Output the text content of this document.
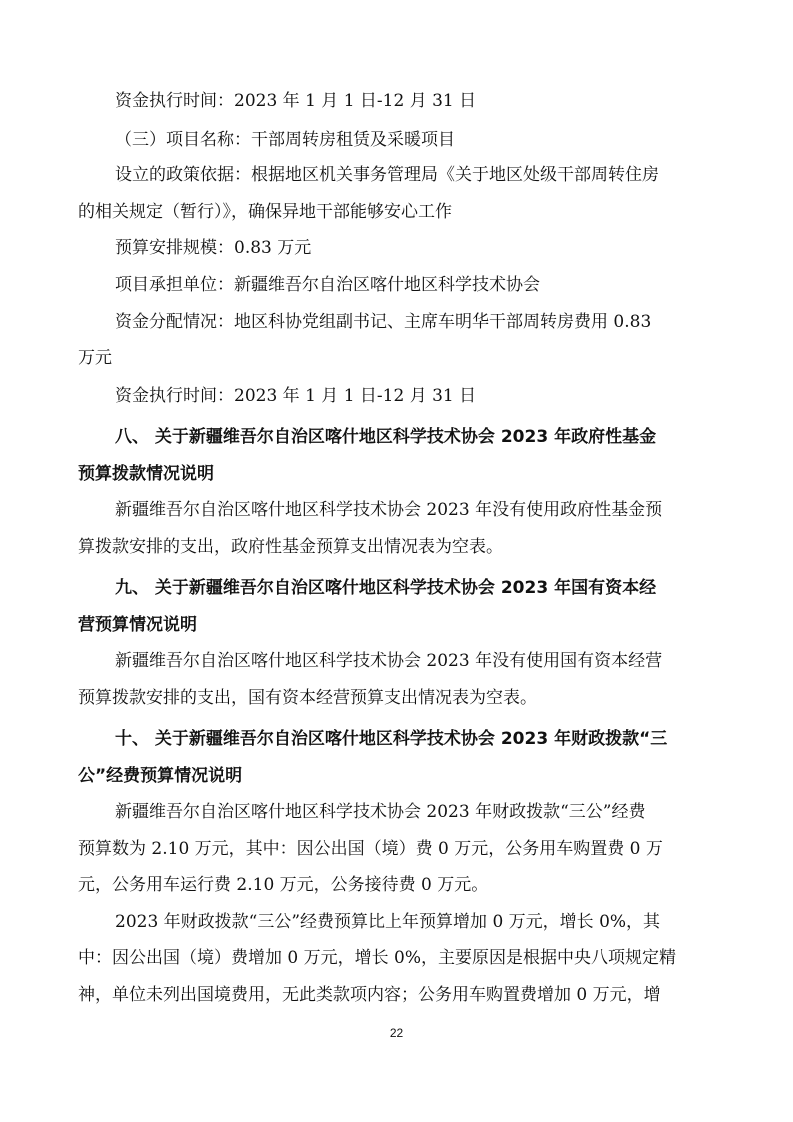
资金执行时间：2023 年 1 月 1 日-12 月 31 日
（三）项目名称：干部周转房租赁及采暖项目
设立的政策依据：根据地区机关事务管理局《关于地区处级干部周转住房
的相关规定（暂行）》，确保异地干部能够安心工作
预算安排规模：0.83 万元
项目承担单位：新疆维吾尔自治区喀什地区科学技术协会
资金分配情况：地区科协党组副书记、主席车明华干部周转房费用 0.83
万元
资金执行时间：2023 年 1 月 1 日-12 月 31 日
八、 关于新疆维吾尔自治区喀什地区科学技术协会 2023 年政府性基金
预算拨款情况说明
新疆维吾尔自治区喀什地区科学技术协会 2023 年没有使用政府性基金预
算拨款安排的支出，政府性基金预算支出情况表为空表。
九、 关于新疆维吾尔自治区喀什地区科学技术协会 2023 年国有资本经
营预算情况说明
新疆维吾尔自治区喀什地区科学技术协会 2023 年没有使用国有资本经营
预算拨款安排的支出，国有资本经营预算支出情况表为空表。
十、 关于新疆维吾尔自治区喀什地区科学技术协会 2023 年财政拨款“三
公”经费预算情况说明
新疆维吾尔自治区喀什地区科学技术协会 2023 年财政拨款“三公”经费
预算数为 2.10 万元，其中：因公出国（境）费 0 万元，公务用车购置费 0 万
元，公务用车运行费 2.10 万元，公务接待费 0 万元。
2023 年财政拨款“三公”经费预算比上年预算增加 0 万元，增长 0%，其
中：因公出国（境）费增加 0 万元，增长 0%，主要原因是根据中央八项规定精
神，单位未列出国境费用，无此类款项内容；公务用车购置费增加 0 万元，增
22
